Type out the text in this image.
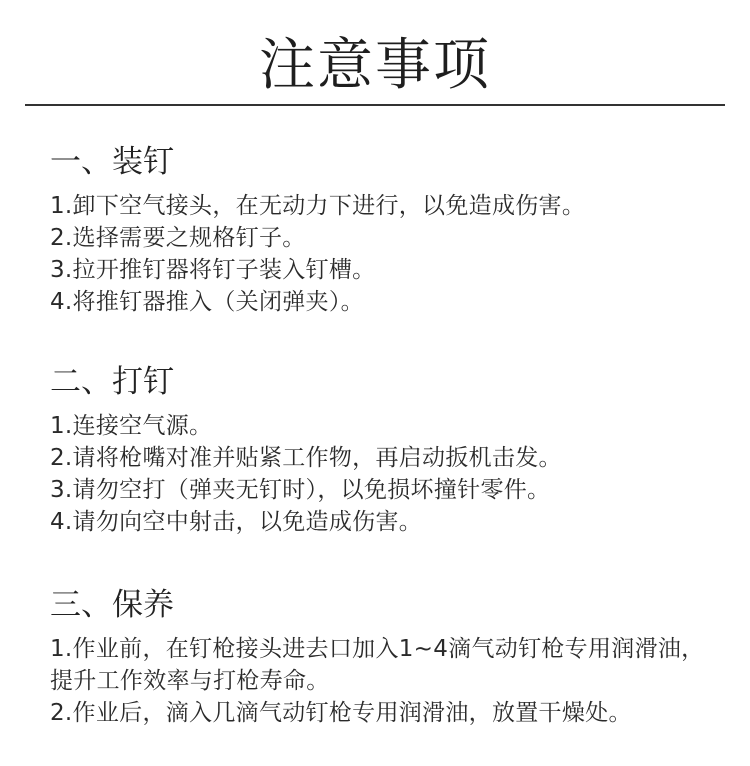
注意事项
一、装钉

1.卸下空气接头，在无动力下进行，以免造成伤害。

2.选择需要之规格钉子。

3.拉开推钉器将钉子装入钉槽。

4.将推钉器推入（关闭弹夹）。

二、打钉

1.连接空气源。

2.请将枪嘴对准并贴紧工作物，再启动扳机击发。

3.请勿空打（弹夹无钉时），以免损坏撞针零件。

4.请勿向空中射击，以免造成伤害。

三、保养

1.作业前，在钉枪接头进去口加入1~4滴气动钉枪专用润滑油，提升工作效率与打枪寿命。

2.作业后，滴入几滴气动钉枪专用润滑油，放置干燥处。
